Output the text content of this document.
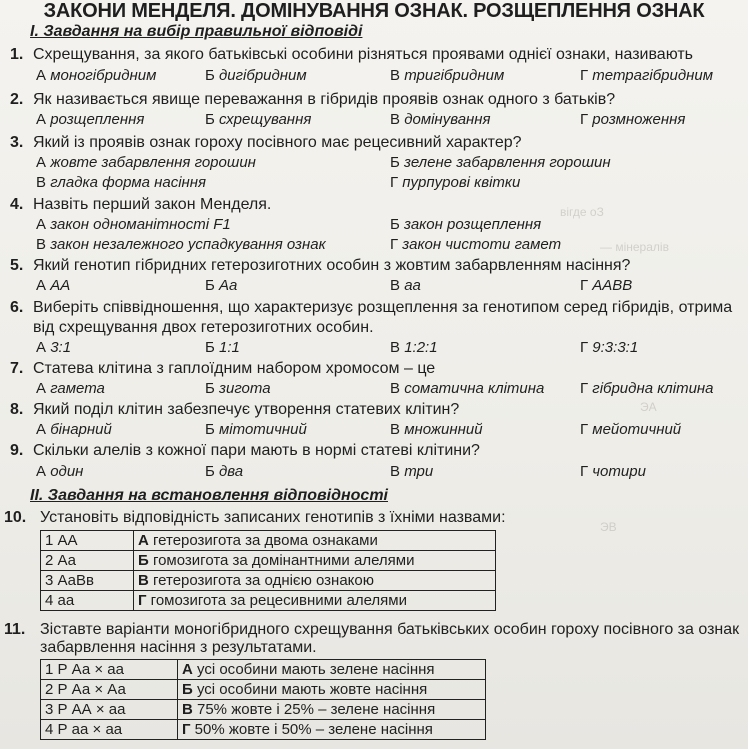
вігде оЗ
— мінералів
ЭА
ЭВ
ЗАКОНИ МЕНДЕЛЯ. ДОМІНУВАННЯ ОЗНАК. РОЗЩЕПЛЕННЯ ОЗНАК
І. Завдання на вибір правильної відповіді
1. Схрещування, за якого батьківські особини різняться проявами однієї ознаки, називають
А моногібридним	Б дигібридним	В тригібридним	Г тетрагібридним
2. Як називається явище переважання в гібридів проявів ознак одного з батьків?
А розщеплення	Б схрещування	В домінування	Г розмноження
3. Який із проявів ознак гороху посівного має рецесивний характер?
А жовте забарвлення горошин	Б зелене забарвлення горошин
В гладка форма насіння	Г пурпурові квітки
4. Назвіть перший закон Менделя.
А закон одноманітності F1	Б закон розщеплення
В закон незалежного успадкування ознак	Г закон чистоти гамет
5. Який генотип гібридних гетерозиготних особин з жовтим забарвленням насіння?
А АА	Б Аа	В аа	Г ААВВ
6. Виберіть співвідношення, що характеризує розщеплення за генотипом серед гібридів, отрима
від схрещування двох гетерозиготних особин.
А 3:1	Б 1:1	В 1:2:1	Г 9:3:3:1
7. Статева клітина з гаплоїдним набором хромосом – це
А гамета	Б зигота	В соматична клітина Г гібридна клітина
8. Який поділ клітин забезпечує утворення статевих клітин?
А бінарний	Б мітотичний	В множинний	Г мейотичний
9. Скільки алелів з кожної пари мають в нормі статеві клітини?
А один	Б два	В три	Г чотири
ІІ. Завдання на встановлення відповідності
10. Установіть відповідність записаних генотипів з їхніми назвами:
1 АА	А гетерозигота за двома ознаками
2 Аа	Б гомозигота за домінантними алелями
3 АаВв	В гетерозигота за однією ознакою
4 аа	Г гомозигота за рецесивними алелями
11. Зіставте варіанти моногібридного схрещування батьківських особин гороху посівного за ознак
забарвлення насіння з результатами.
1 Р Аа × аа	А усі особини мають зелене насіння
2 Р Аа × Аа	Б усі особини мають жовте насіння
3 Р АА × аа	В 75% жовте і 25% – зелене насіння
4 Р аа × аа	Г 50% жовте і 50% – зелене насіння
